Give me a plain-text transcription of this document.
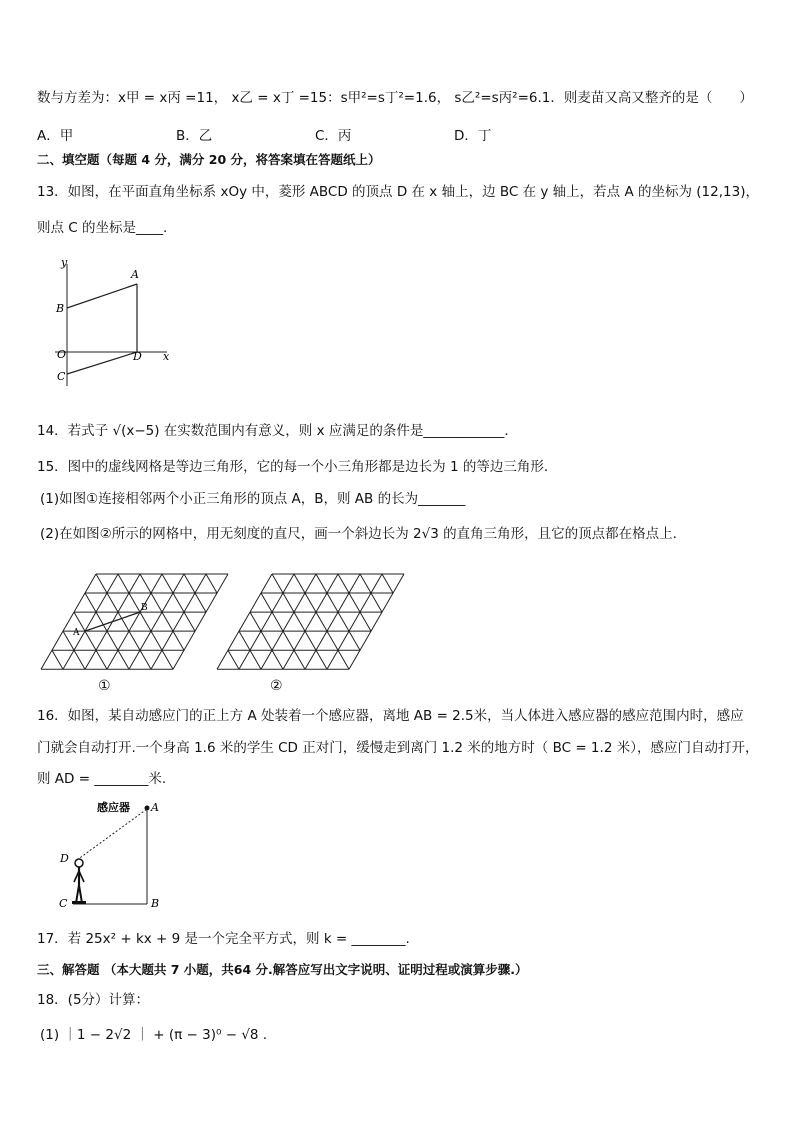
数与方差为：x甲 = x丙 =11， x乙 = x丁 =15：s甲²=s丁²=1.6， s乙²=s丙²=6.1．则麦苗又高又整齐的是（　　）
A．甲	B．乙	C．丙	D．丁
二、填空题（每题 4 分，满分 20 分，将答案填在答题纸上）
13．如图，在平面直角坐标系 xOy 中，菱形 ABCD 的顶点 D 在 x 轴上，边 BC 在 y 轴上，若点 A 的坐标为 (12,13)，
则点 C 的坐标是____.
y
x
A
B
O	D
C
14．若式子 √(x−5) 在实数范围内有意义，则 x 应满足的条件是____________.
15．图中的虚线网格是等边三角形，它的每一个小三角形都是边长为 1 的等边三角形.
(1)如图①连接相邻两个小正三角形的顶点 A，B，则 AB 的长为_______
(2)在如图②所示的网格中，用无刻度的直尺，画一个斜边长为 2√3 的直角三角形，且它的顶点都在格点上.
A
B
①	②
16．如图，某自动感应门的正上方 A 处装着一个感应器，离地 AB = 2.5米，当人体进入感应器的感应范围内时，感应
门就会自动打开.一个身高 1.6 米的学生 CD 正对门，缓慢走到离门 1.2 米的地方时（ BC = 1.2 米），感应门自动打开，
则 AD = ________米.
感应器 A
D
C	B
17．若 25x² + kx + 9 是一个完全平方式，则 k = ________.
三、解答题 （本大题共 7 小题，共64 分.解答应写出文字说明、证明过程或演算步骤.）
18．(5分）计算：
(1) ｜1 − 2√2 ｜ + (π − 3)⁰ − √8 .
